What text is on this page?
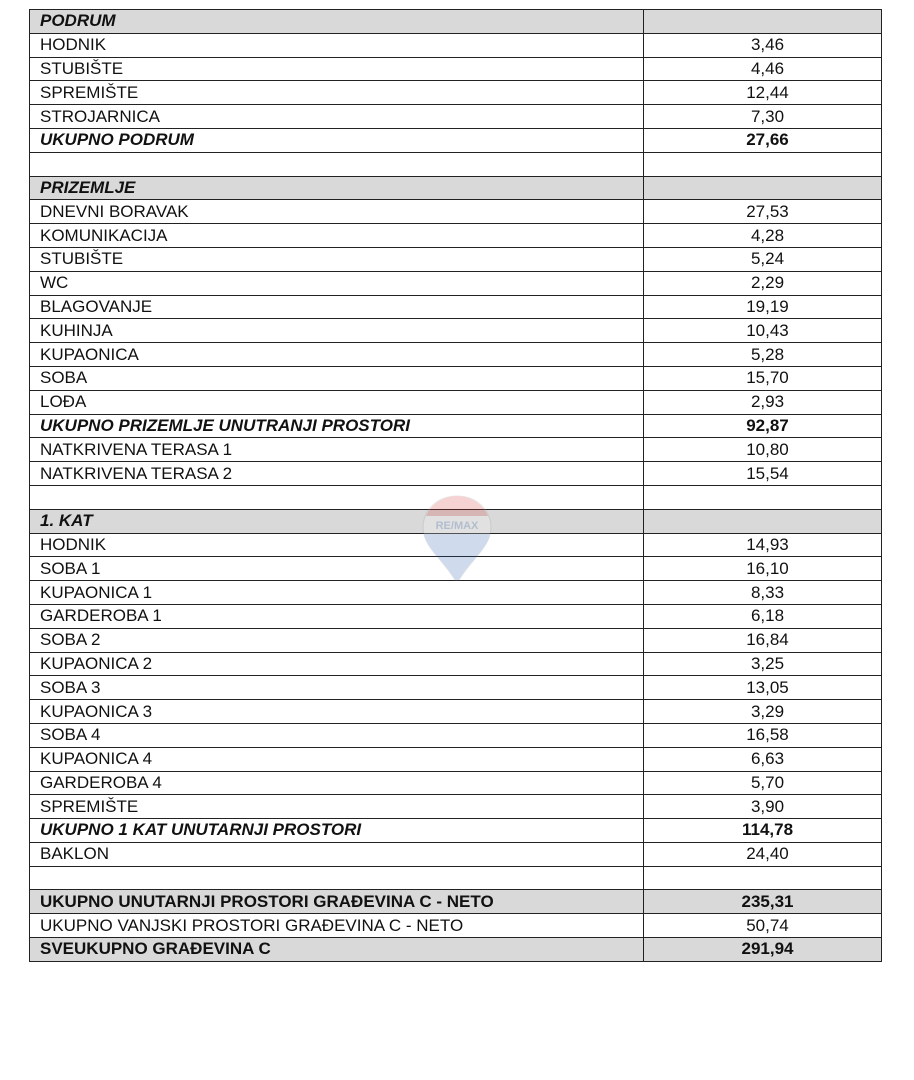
PODRUM	
HODNIK	3,46
STUBIŠTE	4,46
SPREMIŠTE	12,44
STROJARNICA	7,30
UKUPNO PODRUM	27,66

PRIZEMLJE	
DNEVNI BORAVAK	27,53
KOMUNIKACIJA	4,28
STUBIŠTE	5,24
WC	2,29
BLAGOVANJE	19,19
KUHINJA	10,43
KUPAONICA	5,28
SOBA	15,70
LOĐA	2,93
UKUPNO PRIZEMLJE UNUTRANJI PROSTORI	92,87
NATKRIVENA TERASA 1	10,80
NATKRIVENA TERASA 2	15,54

1. KAT	
HODNIK	14,93
SOBA 1	16,10
KUPAONICA 1	8,33
GARDEROBA 1	6,18
SOBA 2	16,84
KUPAONICA 2	3,25
SOBA 3	13,05
KUPAONICA 3	3,29
SOBA 4	16,58
KUPAONICA 4	6,63
GARDEROBA 4	5,70
SPREMIŠTE	3,90
UKUPNO 1 KAT UNUTARNJI PROSTORI	114,78
BAKLON	24,40

UKUPNO UNUTARNJI PROSTORI GRAĐEVINA C - NETO	235,31
UKUPNO VANJSKI PROSTORI GRAĐEVINA C - NETO	50,74
SVEUKUPNO GRAĐEVINA C	291,94
RE/MAX
